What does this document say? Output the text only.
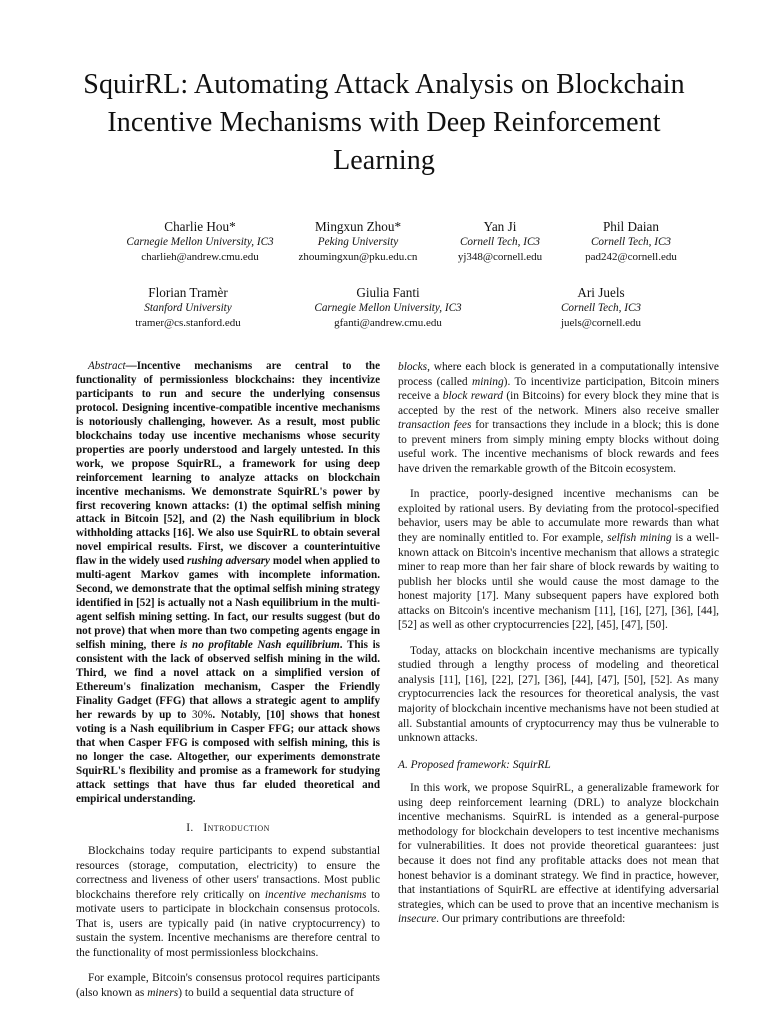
SquirRL: Automating Attack Analysis on Blockchain Incentive Mechanisms with Deep Reinforcement Learning
Charlie Hou*
Carnegie Mellon University, IC3
charlieh@andrew.cmu.edu
Mingxun Zhou*
Peking University
zhoumingxun@pku.edu.cn
Yan Ji
Cornell Tech, IC3
yj348@cornell.edu
Phil Daian
Cornell Tech, IC3
pad242@cornell.edu
Florian Tramèr
Stanford University
tramer@cs.stanford.edu
Giulia Fanti
Carnegie Mellon University, IC3
gfanti@andrew.cmu.edu
Ari Juels
Cornell Tech, IC3
juels@cornell.edu

Abstract—Incentive mechanisms are central to the functionality of permissionless blockchains: they incentivize participants to run and secure the underlying consensus protocol. Designing incentive-compatible incentive mechanisms is notoriously challenging, however. As a result, most public blockchains today use incentive mechanisms whose security properties are poorly understood and largely untested. In this work, we propose SquirRL, a framework for using deep reinforcement learning to analyze attacks on blockchain incentive mechanisms. We demonstrate SquirRL's power by first recovering known attacks: (1) the optimal selfish mining attack in Bitcoin [52], and (2) the Nash equilibrium in block withholding attacks [16]. We also use SquirRL to obtain several novel empirical results. First, we discover a counterintuitive flaw in the widely used rushing adversary model when applied to multi-agent Markov games with incomplete information. Second, we demonstrate that the optimal selfish mining strategy identified in [52] is actually not a Nash equilibrium in the multi-agent selfish mining setting. In fact, our results suggest (but do not prove) that when more than two competing agents engage in selfish mining, there is no profitable Nash equilibrium. This is consistent with the lack of observed selfish mining in the wild. Third, we find a novel attack on a simplified version of Ethereum's finalization mechanism, Casper the Friendly Finality Gadget (FFG) that allows a strategic agent to amplify her rewards by up to 30%. Notably, [10] shows that honest voting is a Nash equilibrium in Casper FFG; our attack shows that when Casper FFG is composed with selfish mining, this is no longer the case. Altogether, our experiments demonstrate SquirRL's flexibility and promise as a framework for studying attack settings that have thus far eluded theoretical and empirical understanding.

I. Introduction

Blockchains today require participants to expend substantial resources (storage, computation, electricity) to ensure the correctness and liveness of other users' transactions. Most public blockchains therefore rely critically on incentive mechanisms to motivate users to participate in blockchain consensus protocols. That is, users are typically paid (in native cryptocurrency) to sustain the system. Incentive mechanisms are therefore central to the functionality of most permissionless blockchains.

For example, Bitcoin's consensus protocol requires participants (also known as miners) to build a sequential data structure of

blocks, where each block is generated in a computationally intensive process (called mining). To incentivize participation, Bitcoin miners receive a block reward (in Bitcoins) for every block they mine that is accepted by the rest of the network. Miners also receive smaller transaction fees for transactions they include in a block; this is done to prevent miners from simply mining empty blocks without doing useful work. The incentive mechanisms of block rewards and fees have driven the remarkable growth of the Bitcoin ecosystem.

In practice, poorly-designed incentive mechanisms can be exploited by rational users. By deviating from the protocol-specified behavior, users may be able to accumulate more rewards than what they are nominally entitled to. For example, selfish mining is a well-known attack on Bitcoin's incentive mechanism that allows a strategic miner to reap more than her fair share of block rewards by waiting to publish her blocks until she would cause the most damage to the honest majority [17]. Many subsequent papers have explored both attacks on Bitcoin's incentive mechanism [11], [16], [27], [36], [44], [52] as well as other cryptocurrencies [22], [45], [47], [50].

Today, attacks on blockchain incentive mechanisms are typically studied through a lengthy process of modeling and theoretical analysis [11], [16], [22], [27], [36], [44], [47], [50], [52]. As many cryptocurrencies lack the resources for theoretical analysis, the vast majority of blockchain incentive mechanisms have not been studied at all. Substantial amounts of cryptocurrency may thus be vulnerable to unknown attacks.

A. Proposed framework: SquirRL

In this work, we propose SquirRL, a generalizable framework for using deep reinforcement learning (DRL) to analyze blockchain incentive mechanisms. SquirRL is intended as a general-purpose methodology for blockchain developers to test incentive mechanisms for vulnerabilities. It does not provide theoretical guarantees: just because it does not find any profitable attacks does not mean that honest behavior is a dominant strategy. We find in practice, however, that instantiations of SquirRL are effective at identifying adversarial strategies, which can be used to prove that an incentive mechanism is insecure. Our primary contributions are threefold:
